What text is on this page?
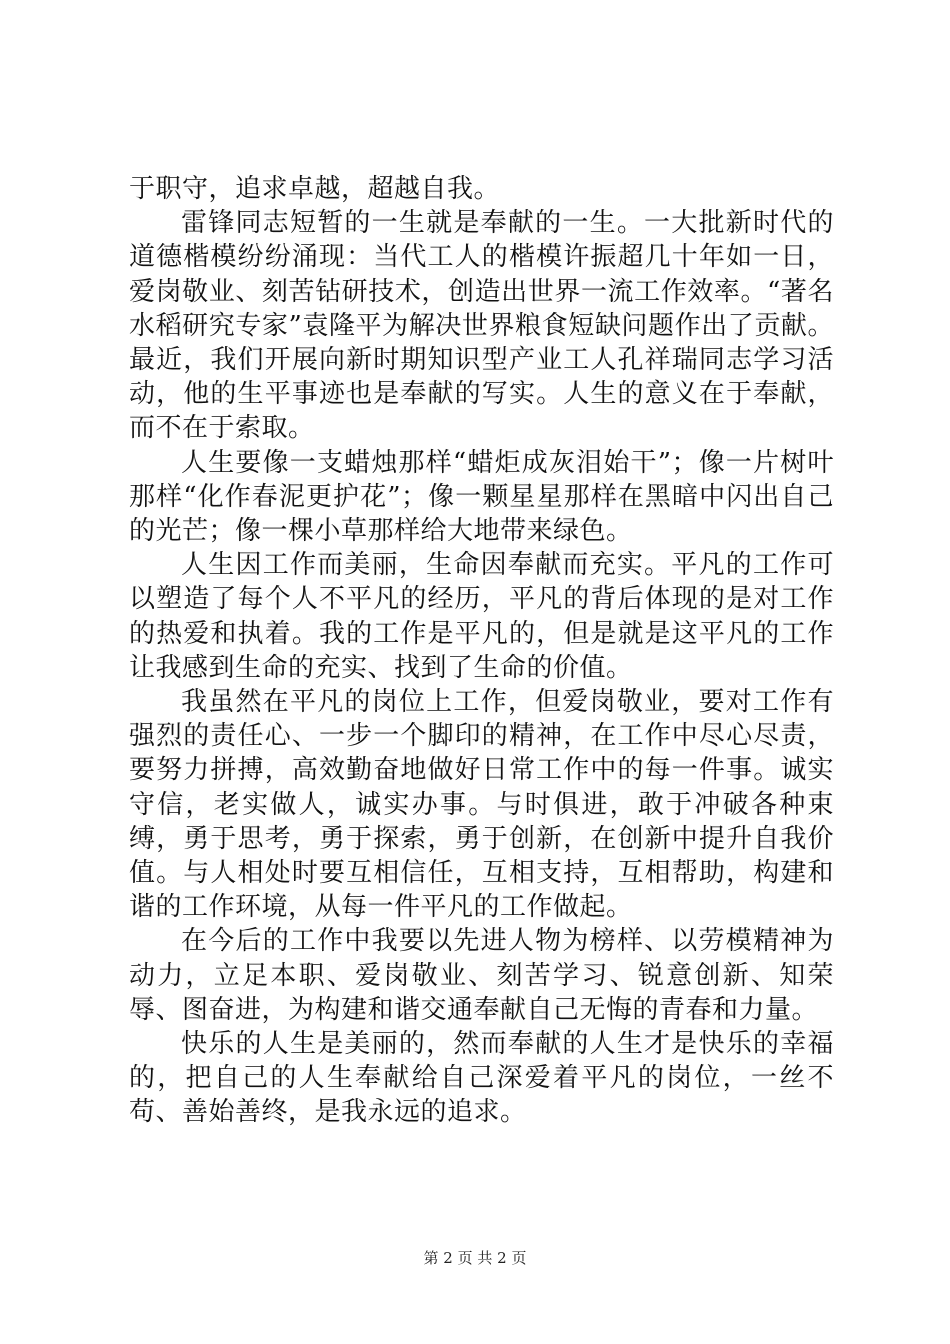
于职守，追求卓越，超越自我。

雷锋同志短暂的一生就是奉献的一生。一大批新时代的道德楷模纷纷涌现：当代工人的楷模许振超几十年如一日，爱岗敬业、刻苦钻研技术，创造出世界一流工作效率。“著名水稻研究专家”袁隆平为解决世界粮食短缺问题作出了贡献。最近，我们开展向新时期知识型产业工人孔祥瑞同志学习活动，他的生平事迹也是奉献的写实。人生的意义在于奉献，而不在于索取。

人生要像一支蜡烛那样“蜡炬成灰泪始干”；像一片树叶那样“化作春泥更护花”；像一颗星星那样在黑暗中闪出自己的光芒；像一棵小草那样给大地带来绿色。

人生因工作而美丽，生命因奉献而充实。平凡的工作可以塑造了每个人不平凡的经历，平凡的背后体现的是对工作的热爱和执着。我的工作是平凡的，但是就是这平凡的工作让我感到生命的充实、找到了生命的价值。

我虽然在平凡的岗位上工作，但爱岗敬业，要对工作有强烈的责任心、一步一个脚印的精神，在工作中尽心尽责，要努力拼搏，高效勤奋地做好日常工作中的每一件事。诚实守信，老实做人，诚实办事。与时俱进，敢于冲破各种束缚，勇于思考，勇于探索，勇于创新，在创新中提升自我价值。与人相处时要互相信任，互相支持，互相帮助，构建和谐的工作环境，从每一件平凡的工作做起。

在今后的工作中我要以先进人物为榜样、以劳模精神为动力，立足本职、爱岗敬业、刻苦学习、锐意创新、知荣辱、图奋进，为构建和谐交通奉献自己无悔的青春和力量。

快乐的人生是美丽的，然而奉献的人生才是快乐的幸福的，把自己的人生奉献给自己深爱着平凡的岗位，一丝不苟、善始善终，是我永远的追求。

第 2 页 共 2 页
